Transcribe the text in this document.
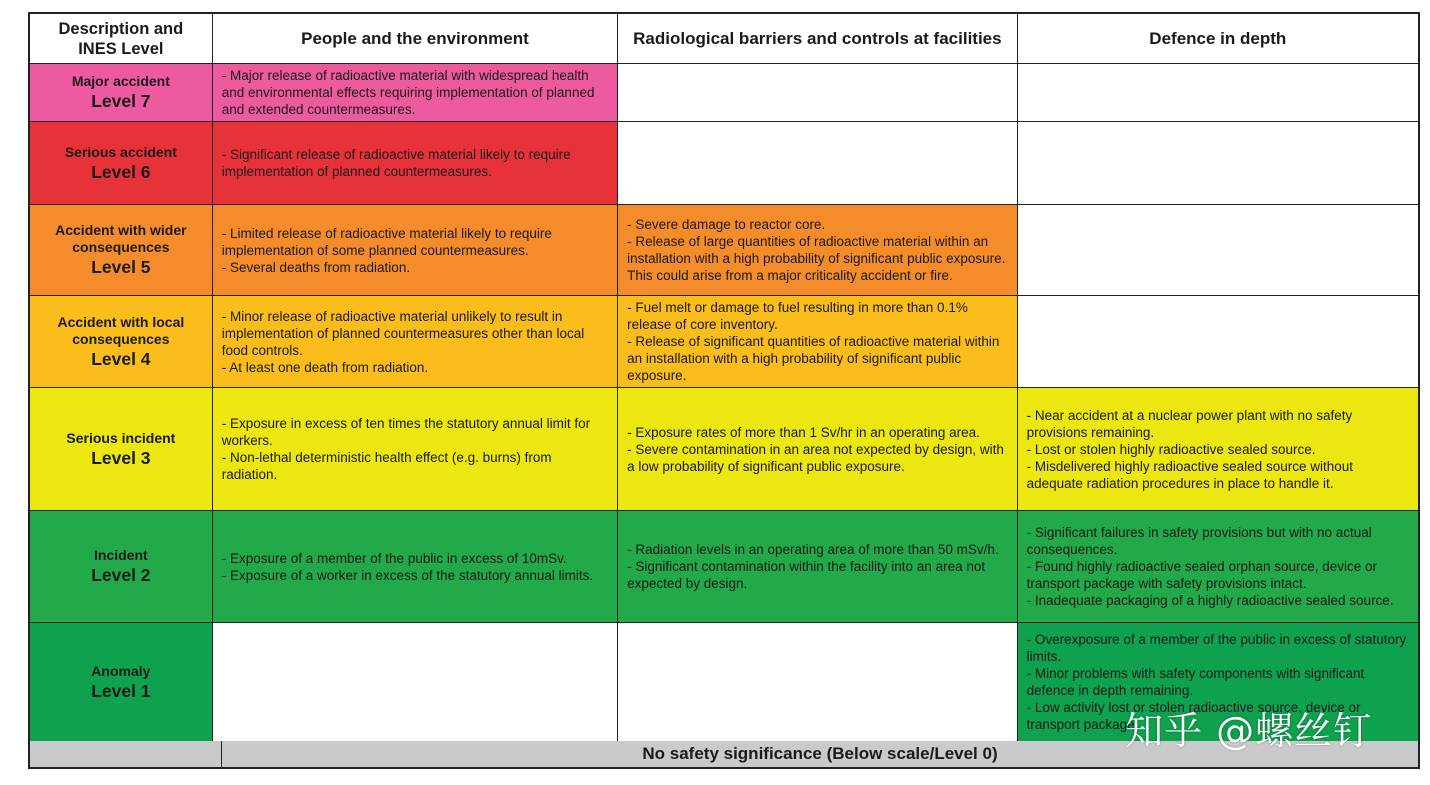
Description and
INES Level
People and the environment	Radiological barriers and controls at facilities	Defence in depth
Major accident
Level 7
- Major release of radioactive material with widespread health and environmental effects requiring implementation of planned and extended countermeasures.
Serious accident
Level 6
- Significant release of radioactive material likely to require implementation of planned countermeasures.
Accident with wider consequences
Level 5
- Limited release of radioactive material likely to require implementation of some planned countermeasures.
- Several deaths from radiation.
- Severe damage to reactor core.
- Release of large quantities of radioactive material within an installation with a high probability of significant public exposure. This could arise from a major criticality accident or fire.
Accident with local consequences
Level 4
- Minor release of radioactive material unlikely to result in implementation of planned countermeasures other than local food controls.
- At least one death from radiation.
- Fuel melt or damage to fuel resulting in more than 0.1% release of core inventory.
- Release of significant quantities of radioactive material within an installation with a high probability of significant public exposure.
Serious incident
Level 3
- Exposure in excess of ten times the statutory annual limit for workers.
- Non-lethal deterministic health effect (e.g. burns) from radiation.
- Exposure rates of more than 1 Sv/hr in an operating area.
- Severe contamination in an area not expected by design, with a low probability of significant public exposure.
- Near accident at a nuclear power plant with no safety provisions remaining.
- Lost or stolen highly radioactive sealed source.
- Misdelivered highly radioactive sealed source without adequate radiation procedures in place to handle it.
Incident
Level 2
- Exposure of a member of the public in excess of 10mSv.
- Exposure of a worker in excess of the statutory annual limits.
- Radiation levels in an operating area of more than 50 mSv/h.
- Significant contamination within the facility into an area not expected by design.
- Significant failures in safety provisions but with no actual consequences.
- Found highly radioactive sealed orphan source, device or transport package with safety provisions intact.
- Inadequate packaging of a highly radioactive sealed source.
Anomaly
Level 1
- Overexposure of a member of the public in excess of statutory limits.
- Minor problems with safety components with significant defence in depth remaining.
- Low activity lost or stolen radioactive source, device or transport package.
No safety significance (Below scale/Level 0)
知乎 @螺丝钉
